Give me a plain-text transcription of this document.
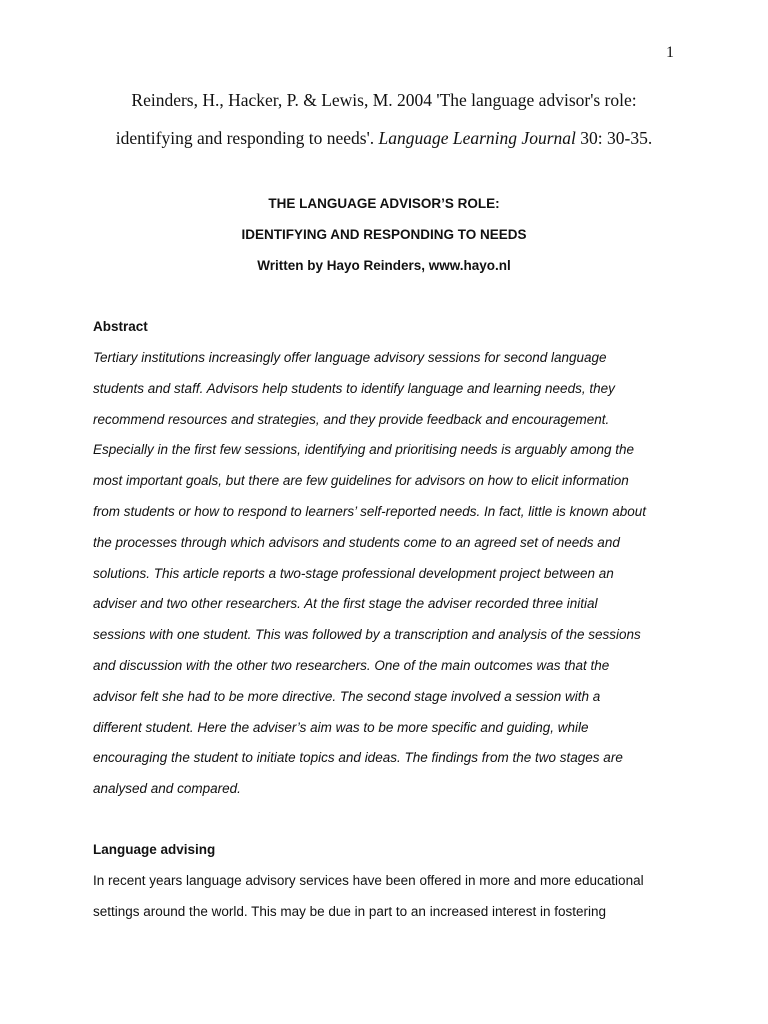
1
Reinders, H., Hacker, P. & Lewis, M. 2004 'The language advisor's role:
identifying and responding to needs'. Language Learning Journal 30: 30-35.
THE LANGUAGE ADVISOR’S ROLE:
IDENTIFYING AND RESPONDING TO NEEDS
Written by Hayo Reinders, www.hayo.nl
Abstract
Tertiary institutions increasingly offer language advisory sessions for second language
students and staff. Advisors help students to identify language and learning needs, they
recommend resources and strategies, and they provide feedback and encouragement.
Especially in the first few sessions, identifying and prioritising needs is arguably among the
most important goals, but there are few guidelines for advisors on how to elicit information
from students or how to respond to learners’ self-reported needs. In fact, little is known about
the processes through which advisors and students come to an agreed set of needs and
solutions. This article reports a two-stage professional development project between an
adviser and two other researchers. At the first stage the adviser recorded three initial
sessions with one student. This was followed by a transcription and analysis of the sessions
and discussion with the other two researchers. One of the main outcomes was that the
advisor felt she had to be more directive. The second stage involved a session with a
different student. Here the adviser’s aim was to be more specific and guiding, while
encouraging the student to initiate topics and ideas. The findings from the two stages are
analysed and compared.
Language advising
In recent years language advisory services have been offered in more and more educational
settings around the world. This may be due in part to an increased interest in fostering
